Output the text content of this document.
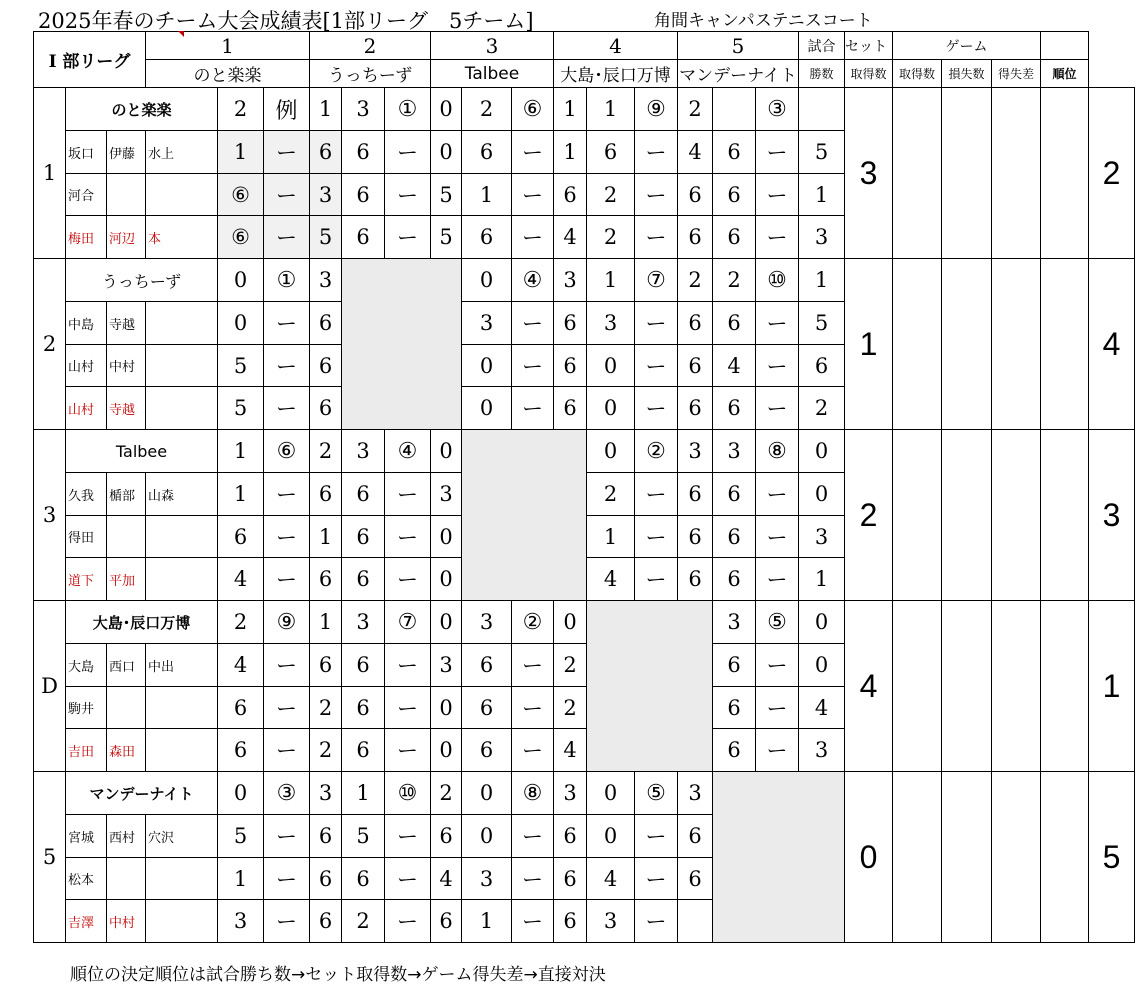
2025年春のチーム大会成績表[1部リーグ　5チーム]	角間キャンパステニスコート
Ⅰ 部リーグ			1			2			3			4			5			試合	セット	ゲーム				
			のと楽楽			うっちーず			Talbee			大島･辰口万博			マンデーナイト			勝数	取得数	取得数	損失数	得失差	順位	
1	のと楽楽			2	例	1	3	①	0	2	⑥	1	1	⑨	2		③		3					2
	坂口	伊藤	水上	1	ー	6	6	ー	0	6	ー	1	6	ー	4	6	ー	5						
	河合			⑥	ー	3	6	ー	5	1	ー	6	2	ー	6	6	ー	1						
	梅田	河辺	本	⑥	ー	5	6	ー	5	6	ー	4	2	ー	6	6	ー	3						
2	うっちーず			0	①	3				0	④	3	1	⑦	2	2	⑩	1	1					4
	中島	寺越		0	ー	6				3	ー	6	3	ー	6	6	ー	5						
	山村	中村		5	ー	6				0	ー	6	0	ー	6	4	ー	6						
	山村	寺越		5	ー	6				0	ー	6	0	ー	6	6	ー	2						
3	Talbee			1	⑥	2	3	④	0				0	②	3	3	⑧	0	2					3
	久我	楯部	山森	1	ー	6	6	ー	3				2	ー	6	6	ー	0						
	得田			6	ー	1	6	ー	0				1	ー	6	6	ー	3						
	道下	平加		4	ー	6	6	ー	0				4	ー	6	6	ー	1						
D	大島･辰口万博			2	⑨	1	3	⑦	0	3	②	0				3	⑤	0	4					1
	大島	西口	中出	4	ー	6	6	ー	3	6	ー	2				6	ー	0						
	駒井			6	ー	2	6	ー	0	6	ー	2				6	ー	4						
	吉田	森田		6	ー	2	6	ー	0	6	ー	4				6	ー	3						
5	マンデーナイト			0	③	3	1	⑩	2	0	⑧	3	0	⑤	3				0					5
	宮城	西村	穴沢	5	ー	6	5	ー	6	0	ー	6	0	ー	6									
	松本			1	ー	6	6	ー	4	3	ー	6	4	ー	6									
	吉澤	中村		3	ー	6	2	ー	6	1	ー	6	3	ー										
順位の決定順位は試合勝ち数→セット取得数→ゲーム得失差→直接対決
